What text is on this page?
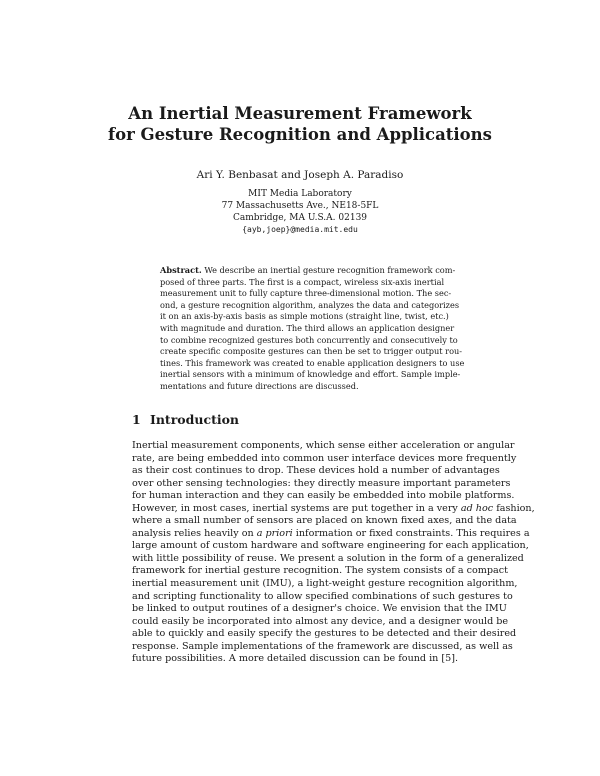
An Inertial Measurement Framework
for Gesture Recognition and Applications
Ari Y. Benbasat and Joseph A. Paradiso
MIT Media Laboratory
77 Massachusetts Ave., NE18-5FL
Cambridge, MA U.S.A. 02139
{ayb,joep}@media.mit.edu
Abstract. We describe an inertial gesture recognition framework com-
posed of three parts. The first is a compact, wireless six-axis inertial
measurement unit to fully capture three-dimensional motion. The sec-
ond, a gesture recognition algorithm, analyzes the data and categorizes
it on an axis-by-axis basis as simple motions (straight line, twist, etc.)
with magnitude and duration. The third allows an application designer
to combine recognized gestures both concurrently and consecutively to
create specific composite gestures can then be set to trigger output rou-
tines. This framework was created to enable application designers to use
inertial sensors with a minimum of knowledge and effort. Sample imple-
mentations and future directions are discussed.
1 Introduction
Inertial measurement components, which sense either acceleration or angular
rate, are being embedded into common user interface devices more frequently
as their cost continues to drop. These devices hold a number of advantages
over other sensing technologies: they directly measure important parameters
for human interaction and they can easily be embedded into mobile platforms.
However, in most cases, inertial systems are put together in a very ad hoc fashion,
where a small number of sensors are placed on known fixed axes, and the data
analysis relies heavily on a priori information or fixed constraints. This requires a
large amount of custom hardware and software engineering for each application,
with little possibility of reuse. We present a solution in the form of a generalized
framework for inertial gesture recognition. The system consists of a compact
inertial measurement unit (IMU), a light-weight gesture recognition algorithm,
and scripting functionality to allow specified combinations of such gestures to
be linked to output routines of a designer's choice. We envision that the IMU
could easily be incorporated into almost any device, and a designer would be
able to quickly and easily specify the gestures to be detected and their desired
response. Sample implementations of the framework are discussed, as well as
future possibilities. A more detailed discussion can be found in [5].
